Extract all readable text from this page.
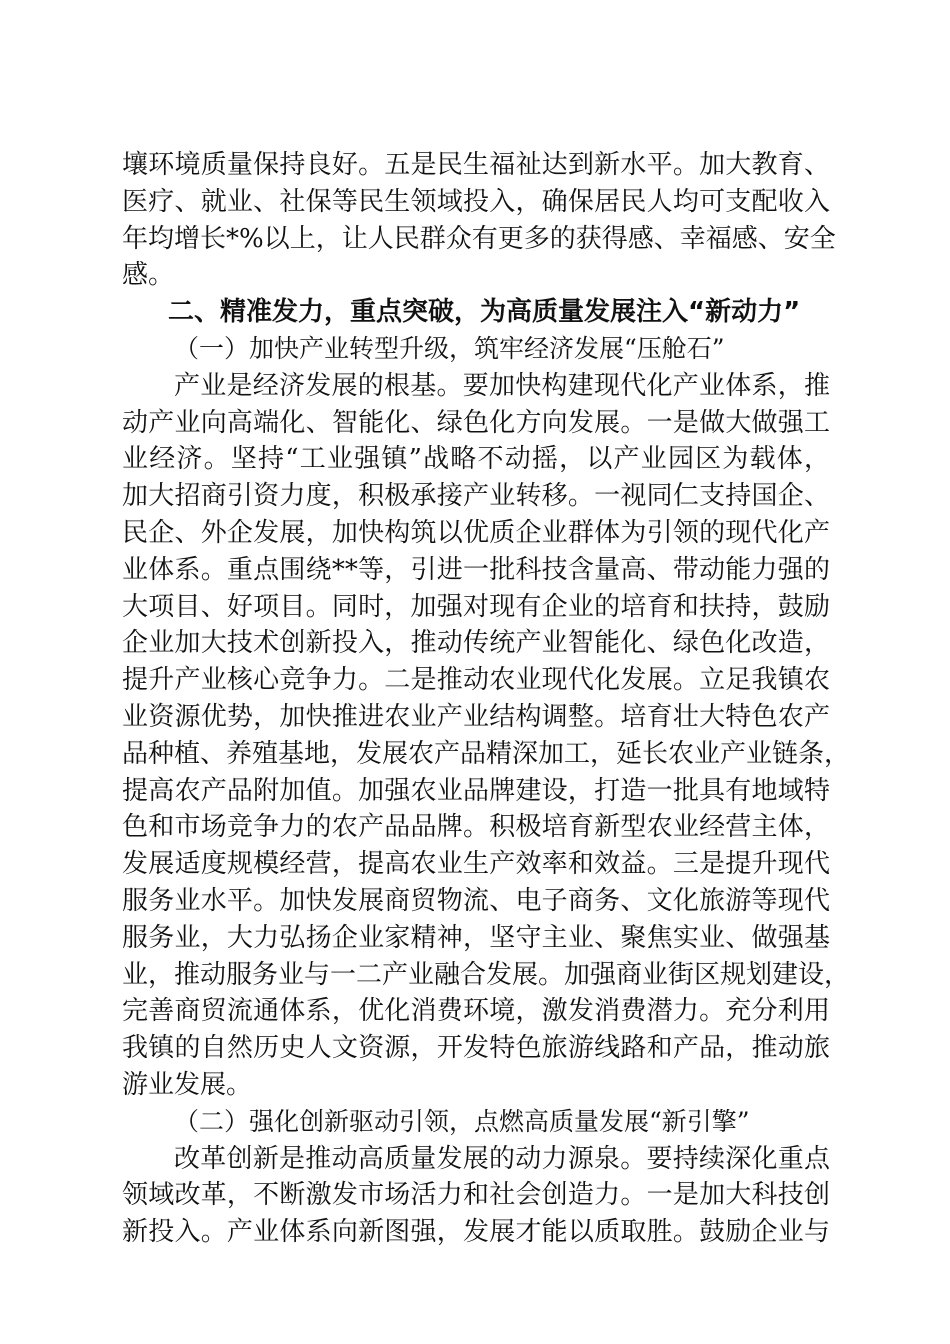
壤环境质量保持良好。五是民生福祉达到新水平。加大教育、
医疗、就业、社保等民生领域投入，确保居民人均可支配收入
年均增长*%以上，让人民群众有更多的获得感、幸福感、安全
感。
二、精准发力，重点突破，为高质量发展注入“新动力”
（一）加快产业转型升级，筑牢经济发展“压舱石”
产业是经济发展的根基。要加快构建现代化产业体系，推
动产业向高端化、智能化、绿色化方向发展。一是做大做强工
业经济。坚持“工业强镇”战略不动摇，以产业园区为载体，
加大招商引资力度，积极承接产业转移。一视同仁支持国企、
民企、外企发展，加快构筑以优质企业群体为引领的现代化产
业体系。重点围绕**等，引进一批科技含量高、带动能力强的
大项目、好项目。同时，加强对现有企业的培育和扶持，鼓励
企业加大技术创新投入，推动传统产业智能化、绿色化改造，
提升产业核心竞争力。二是推动农业现代化发展。立足我镇农
业资源优势，加快推进农业产业结构调整。培育壮大特色农产
品种植、养殖基地，发展农产品精深加工，延长农业产业链条，
提高农产品附加值。加强农业品牌建设，打造一批具有地域特
色和市场竞争力的农产品品牌。积极培育新型农业经营主体，
发展适度规模经营，提高农业生产效率和效益。三是提升现代
服务业水平。加快发展商贸物流、电子商务、文化旅游等现代
服务业，大力弘扬企业家精神，坚守主业、聚焦实业、做强基
业，推动服务业与一二产业融合发展。加强商业街区规划建设，
完善商贸流通体系，优化消费环境，激发消费潜力。充分利用
我镇的自然历史人文资源，开发特色旅游线路和产品，推动旅
游业发展。
（二）强化创新驱动引领，点燃高质量发展“新引擎”
改革创新是推动高质量发展的动力源泉。要持续深化重点
领域改革，不断激发市场活力和社会创造力。一是加大科技创
新投入。产业体系向新图强，发展才能以质取胜。鼓励企业与
